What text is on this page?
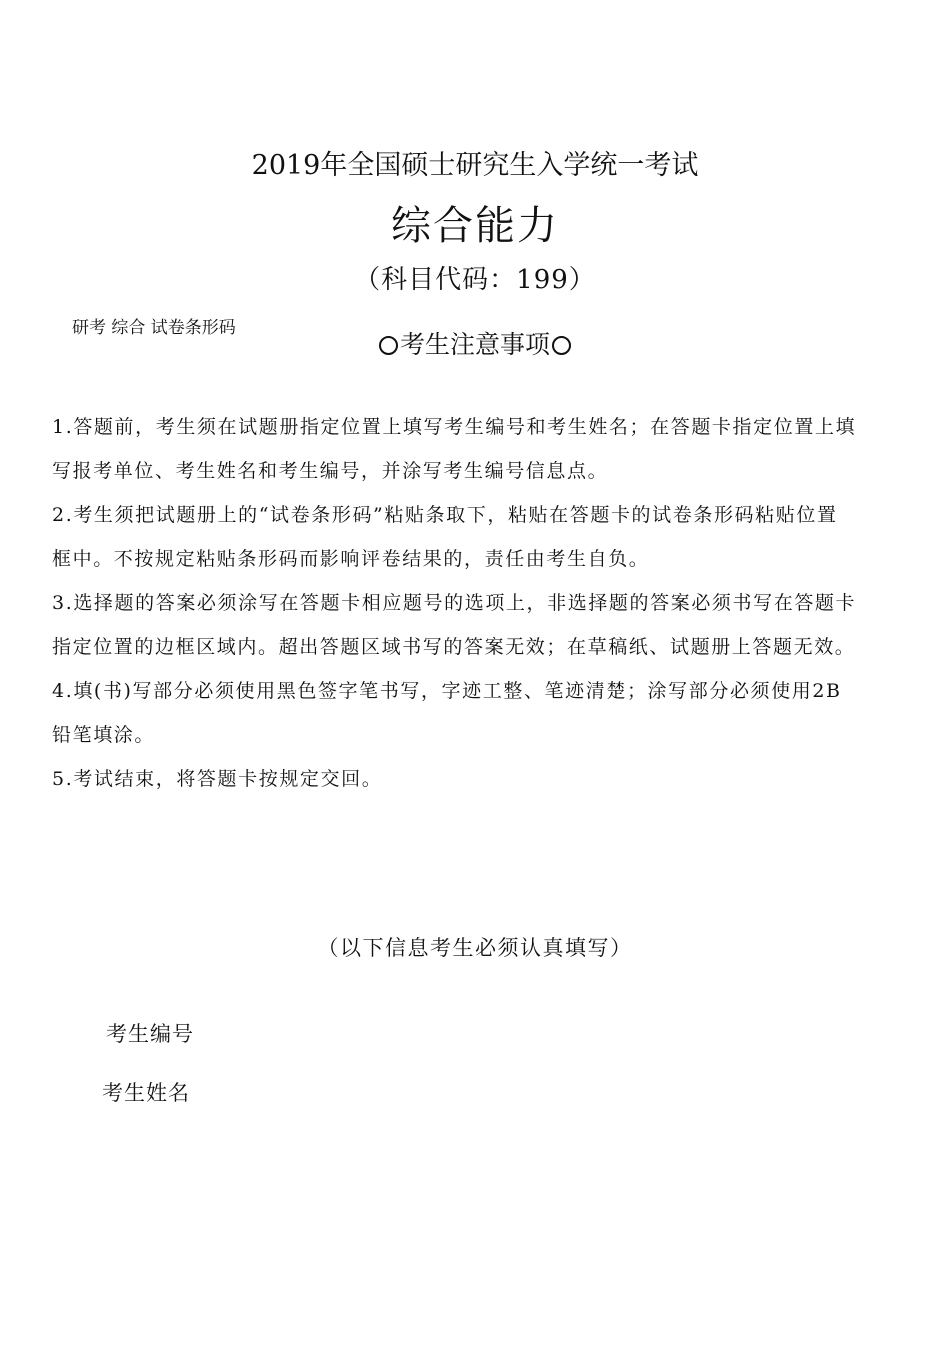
2019年全国硕士研究生入学统一考试
综合能力
（科目代码：199）
研考 综合 试卷条形码
考生注意事项
1.答题前，考生须在试题册指定位置上填写考生编号和考生姓名；在答题卡指定位置上填
写报考单位、考生姓名和考生编号，并涂写考生编号信息点。
2.考生须把试题册上的“试卷条形码”粘贴条取下，粘贴在答题卡的试卷条形码粘贴位置
框中。不按规定粘贴条形码而影响评卷结果的，责任由考生自负。
3.选择题的答案必须涂写在答题卡相应题号的选项上，非选择题的答案必须书写在答题卡
指定位置的边框区域内。超出答题区域书写的答案无效；在草稿纸、试题册上答题无效。
4.填(书)写部分必须使用黑色签字笔书写，字迹工整、笔迹清楚；涂写部分必须使用2B
铅笔填涂。
5.考试结束，将答题卡按规定交回。
（以下信息考生必须认真填写）
考生编号
考生姓名
